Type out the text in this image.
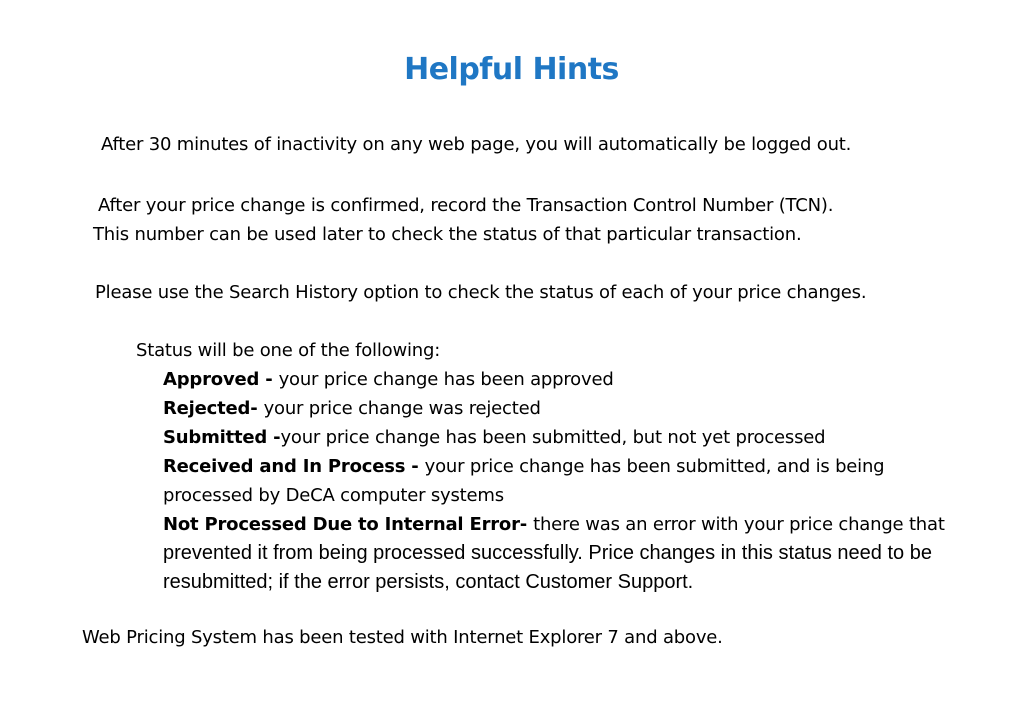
Helpful Hints
After 30 minutes of inactivity on any web page, you will automatically be logged out.
After your price change is confirmed, record the Transaction Control Number (TCN).
This number can be used later to check the status of that particular transaction.
Please use the Search History option to check the status of each of your price changes.
Status will be one of the following:
Approved - your price change has been approved
Rejected- your price change was rejected
Submitted -your price change has been submitted, but not yet processed
Received and In Process - your price change has been submitted, and is being processed by DeCA computer systems
Not Processed Due to Internal Error- there was an error with your price change that prevented it from being processed successfully. Price changes in this status need to be resubmitted; if the error persists, contact Customer Support.
Web Pricing System has been tested with Internet Explorer 7 and above.
